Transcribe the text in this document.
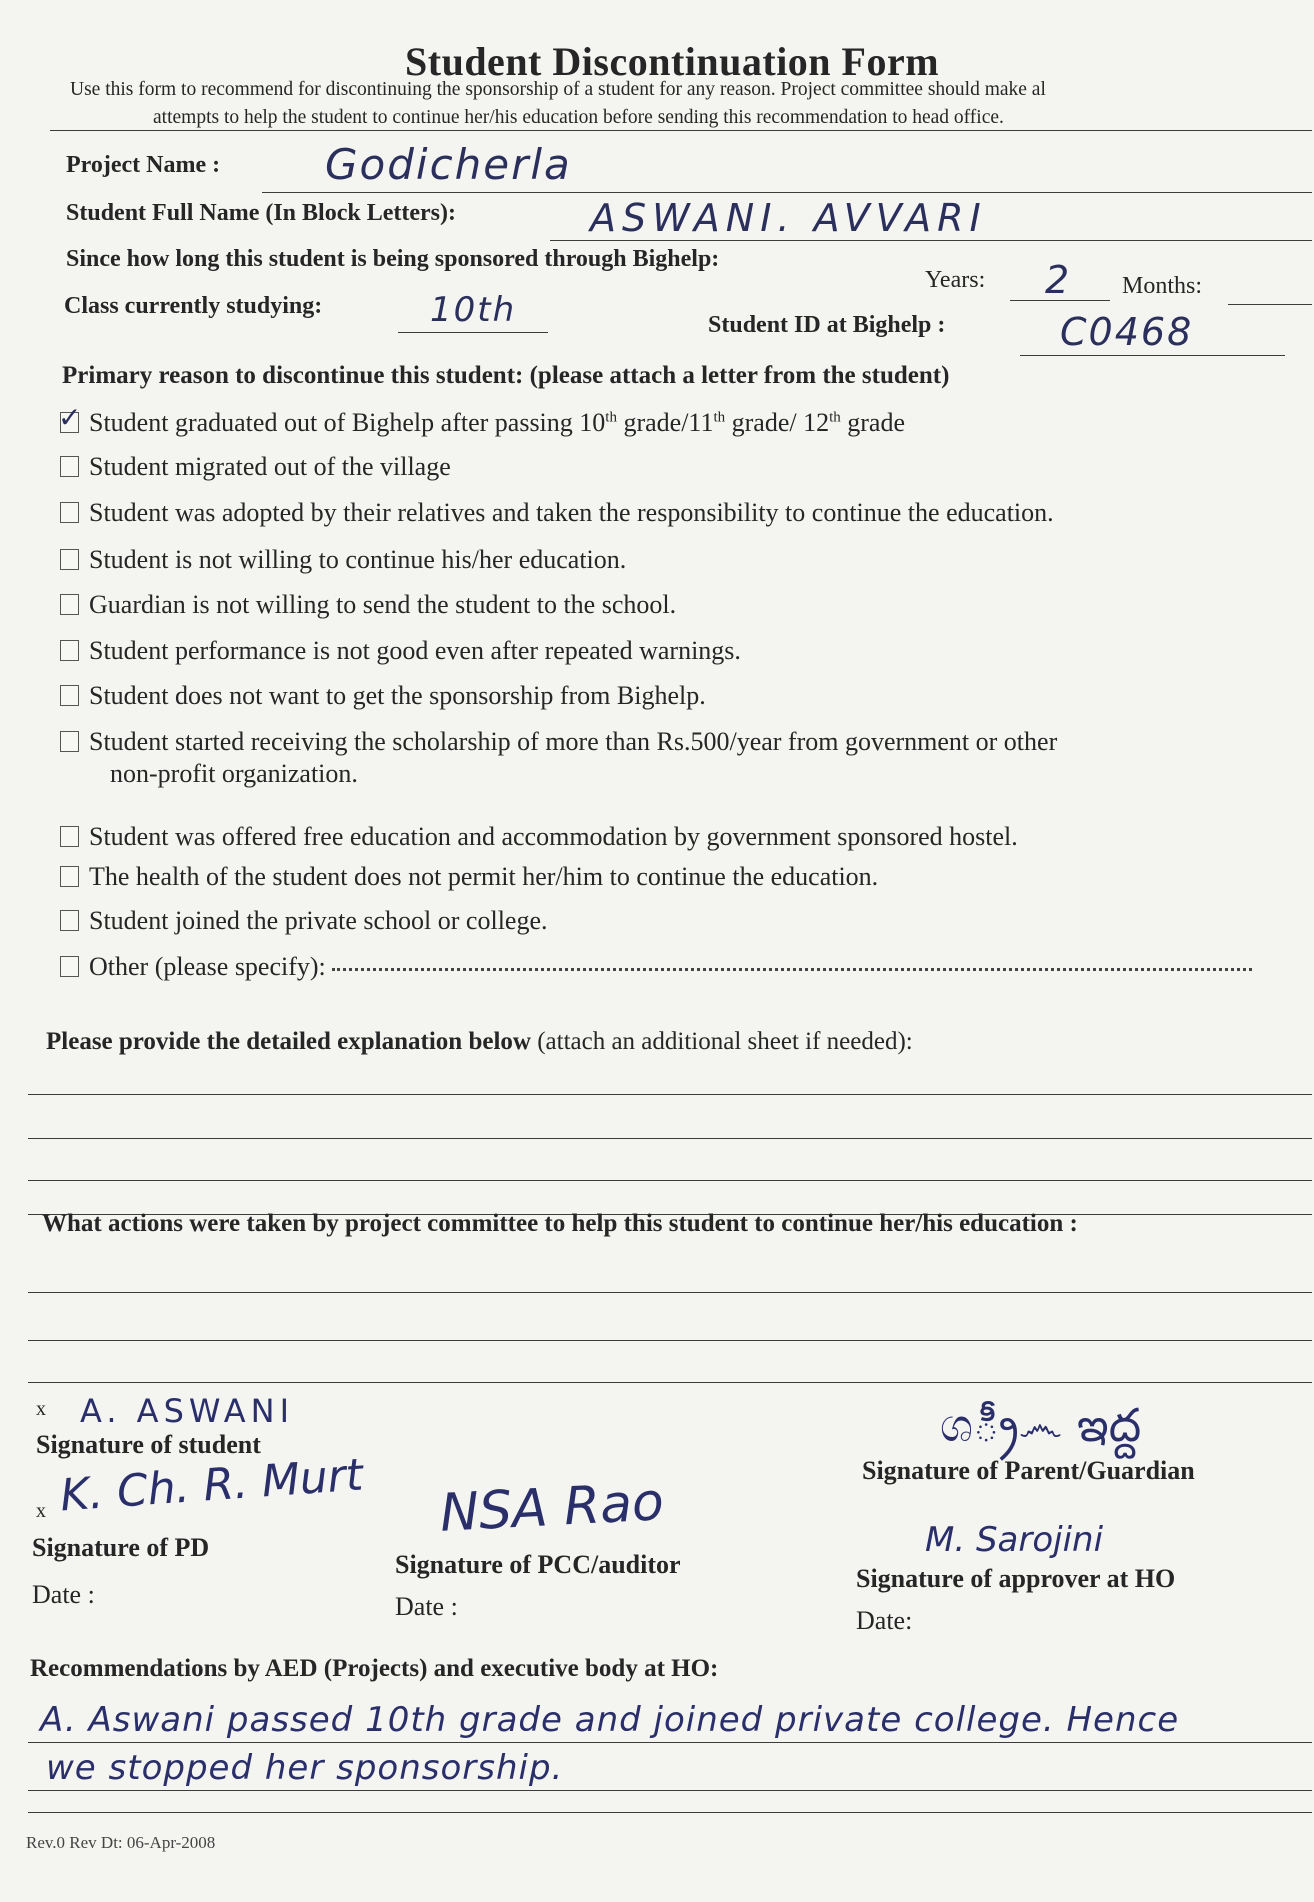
Student Discontinuation Form
Use this form to recommend for discontinuing the sponsorship of a student for any reason. Project committee should make al
attempts to help the student to continue her/his education before sending this recommendation to head office.
Project Name : Godicherla
Student Full Name (In Block Letters):	ASWANI. AVVARI
Since how long this student is being sponsored through Bighelp:
Years: 2 Months:
Class currently studying:	10th	Student ID at Bighelp :	C0468
Primary reason to discontinue this student: (please attach a letter from the student)
✓ Student graduated out of Bighelp after passing 10th grade/11th grade/ 12th grade
Student migrated out of the village
Student was adopted by their relatives and taken the responsibility to continue the education.
Student is not willing to continue his/her education.
Guardian is not willing to send the student to the school.
Student performance is not good even after repeated warnings.
Student does not want to get the sponsorship from Bighelp.
Student started receiving the scholarship of more than Rs.500/year from government or other
non-profit organization.
Student was offered free education and accommodation by government sponsored hostel.
The health of the student does not permit her/him to continue the education.
Student joined the private school or college.
Other (please specify):
Please provide the detailed explanation below (attach an additional sheet if needed):
What actions were taken by project committee to help this student to continue her/his education :
x A. ASWANI
Signature of student
x K. Ch. R. Murt
Signature of PD
Date :
NSA Rao
Signature of PCC/auditor
Date :
ශ్రీ෴ ఇద్ద
Signature of Parent/Guardian
M. Sarojini
Signature of approver at HO
Date:
Recommendations by AED (Projects) and executive body at HO:
A. Aswani passed 10th grade and joined private college. Hence
we stopped her sponsorship.
Rev.0 Rev Dt: 06-Apr-2008
